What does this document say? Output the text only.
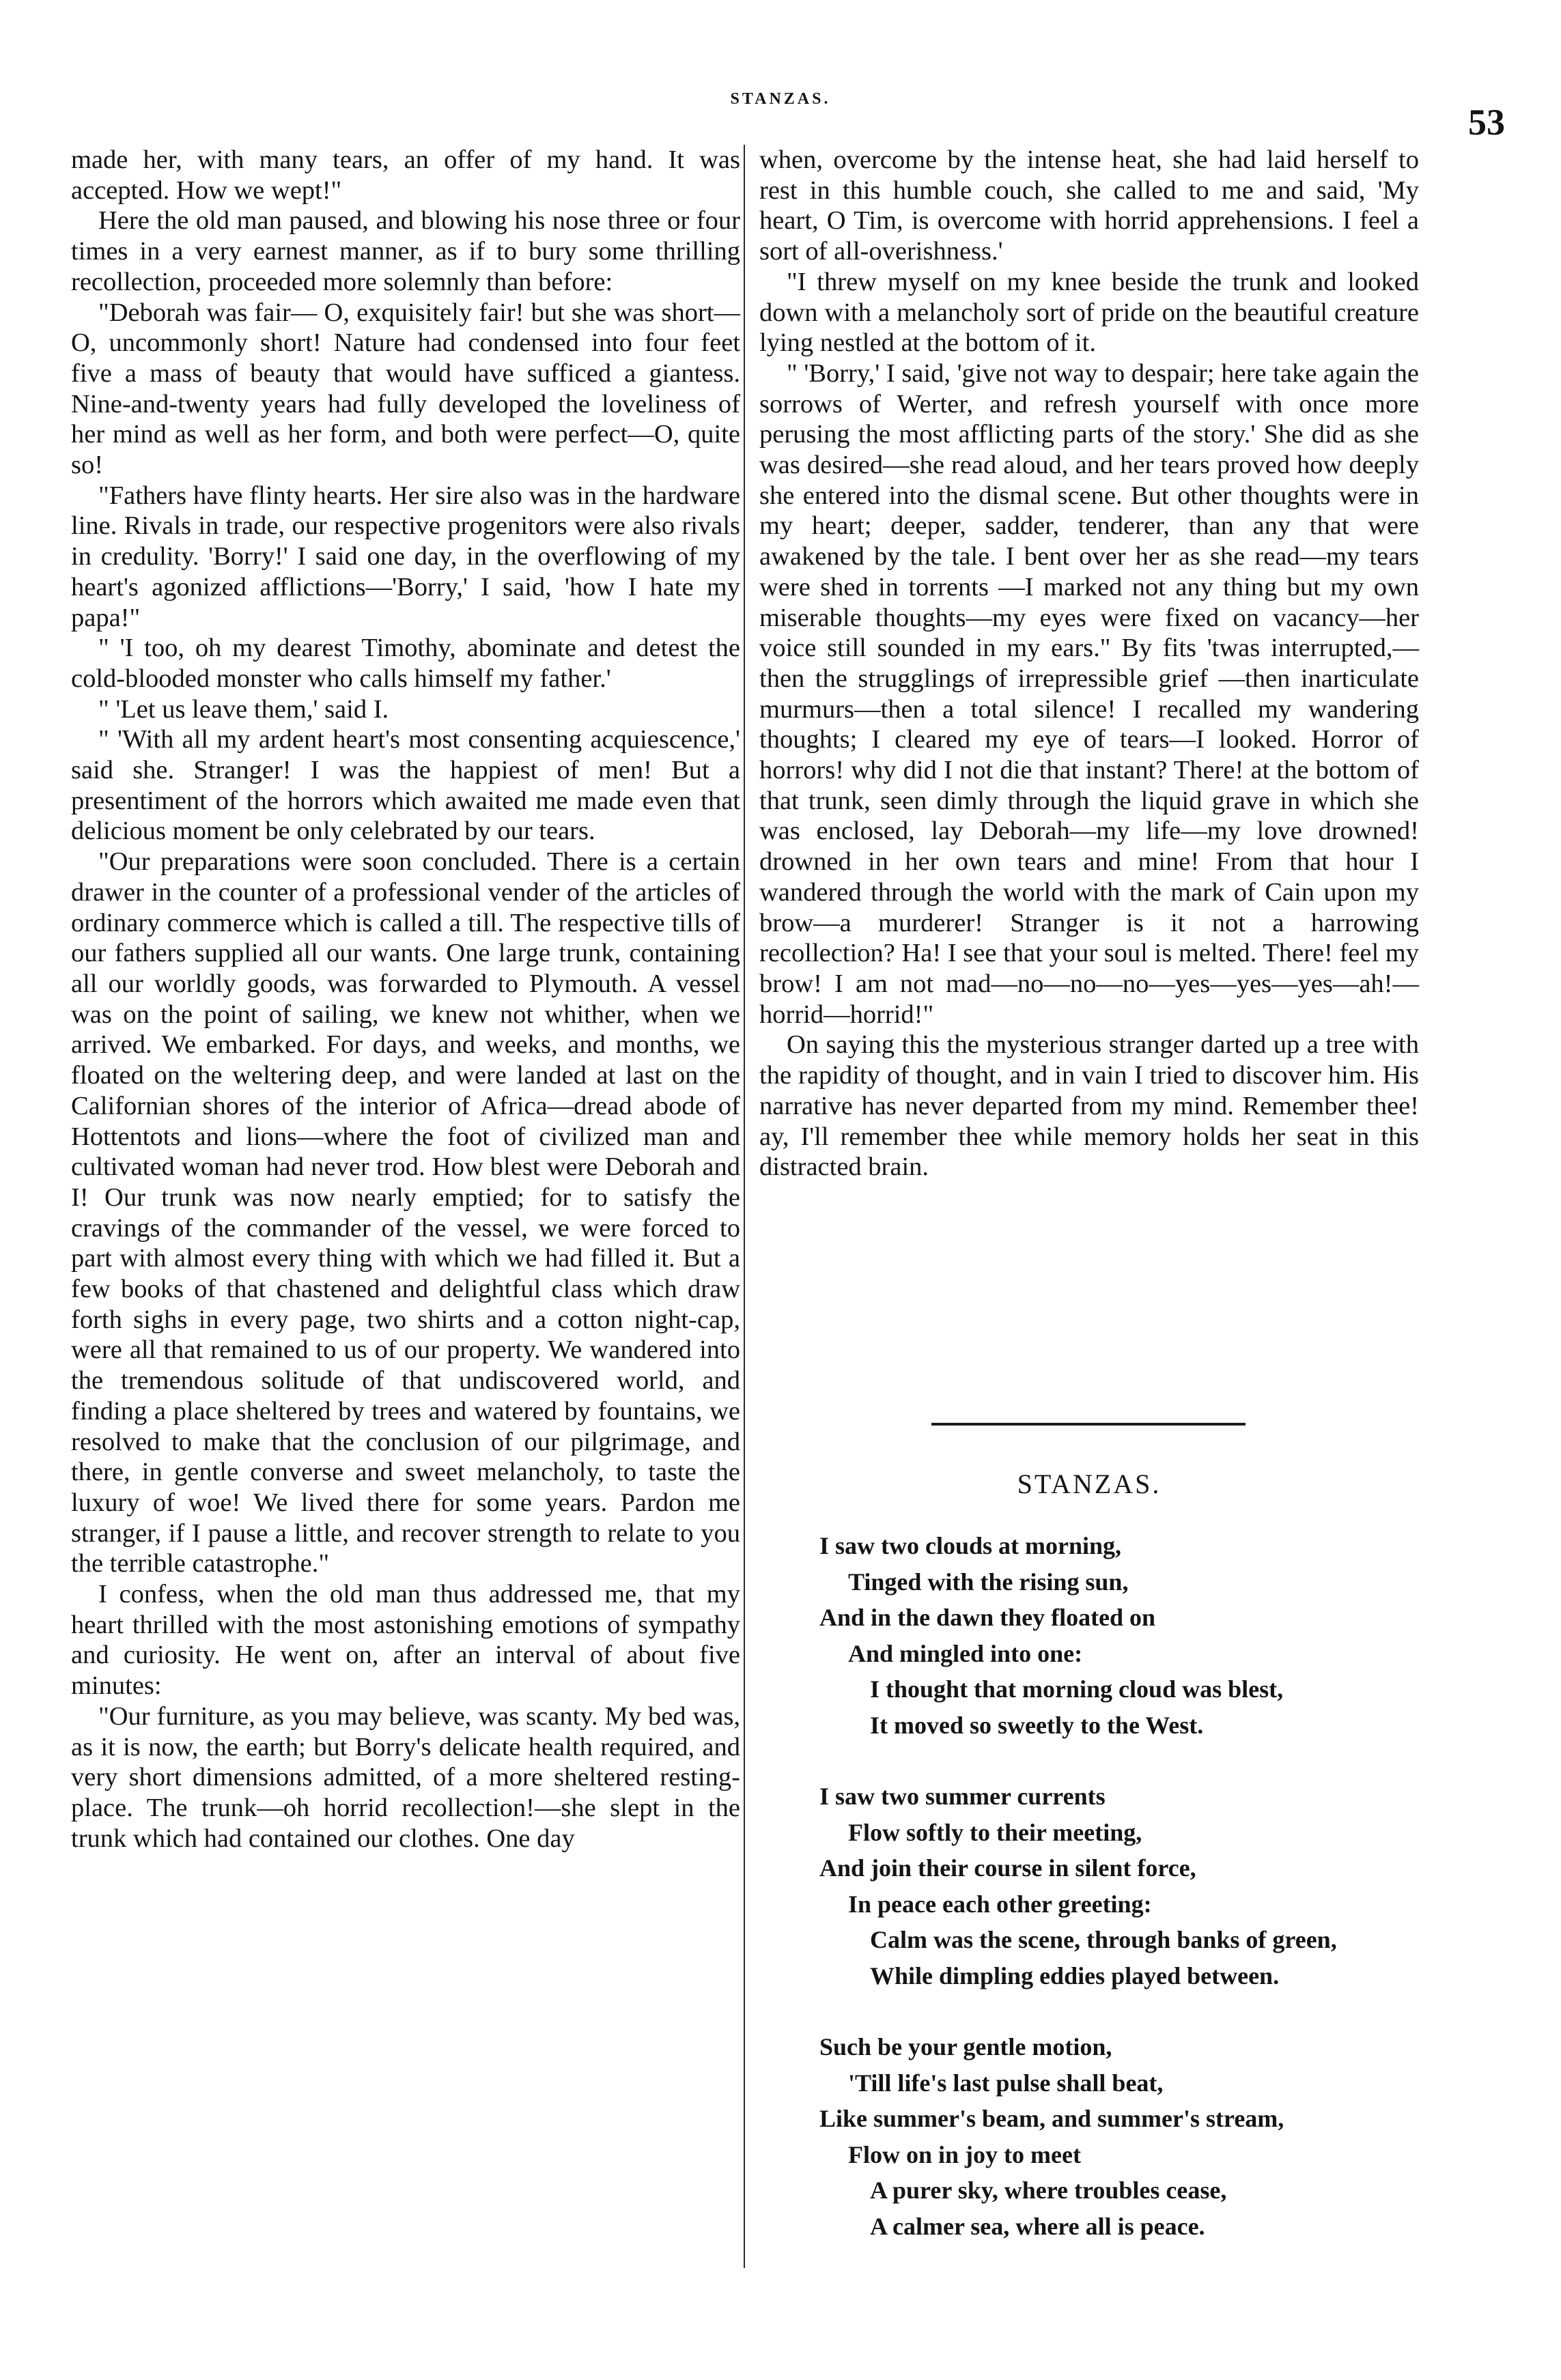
STANZAS.
53

made her, with many tears, an offer of my hand. It was accepted. How we wept!"

Here the old man paused, and blowing his nose three or four times in a very earnest manner, as if to bury some thrilling recollection, proceeded more solemnly than before:

"Deborah was fair— O, exquisitely fair! but she was short—O, uncommonly short! Nature had condensed into four feet five a mass of beauty that would have sufficed a giantess. Nine-and-twenty years had fully developed the loveliness of her mind as well as her form, and both were perfect—O, quite so!

"Fathers have flinty hearts. Her sire also was in the hardware line. Rivals in trade, our respective progenitors were also rivals in credulity. 'Borry!' I said one day, in the overflowing of my heart's agonized afflictions—'Borry,' I said, 'how I hate my papa!"

" 'I too, oh my dearest Timothy, abominate and detest the cold-blooded monster who calls himself my father.'

" 'Let us leave them,' said I.

" 'With all my ardent heart's most consenting acquiescence,' said she. Stranger! I was the happiest of men! But a presentiment of the horrors which awaited me made even that delicious moment be only celebrated by our tears.

"Our preparations were soon concluded. There is a certain drawer in the counter of a professional vender of the articles of ordinary commerce which is called a till. The respective tills of our fathers supplied all our wants. One large trunk, containing all our worldly goods, was forwarded to Plymouth. A vessel was on the point of sailing, we knew not whither, when we arrived. We embarked. For days, and weeks, and months, we floated on the weltering deep, and were landed at last on the Californian shores of the interior of Africa—dread abode of Hottentots and lions—where the foot of civilized man and cultivated woman had never trod. How blest were Deborah and I! Our trunk was now nearly emptied; for to satisfy the cravings of the commander of the vessel, we were forced to part with almost every thing with which we had filled it. But a few books of that chastened and delightful class which draw forth sighs in every page, two shirts and a cotton night-cap, were all that remained to us of our property. We wandered into the tremendous solitude of that undiscovered world, and finding a place sheltered by trees and watered by fountains, we resolved to make that the conclusion of our pilgrimage, and there, in gentle converse and sweet melancholy, to taste the luxury of woe! We lived there for some years. Pardon me stranger, if I pause a little, and recover strength to relate to you the terrible catastrophe."

I confess, when the old man thus addressed me, that my heart thrilled with the most astonishing emotions of sympathy and curiosity. He went on, after an interval of about five minutes:

"Our furniture, as you may believe, was scanty. My bed was, as it is now, the earth; but Borry's delicate health required, and very short dimensions admitted, of a more sheltered resting-place. The trunk—oh horrid recollection!—she slept in the trunk which had contained our clothes. One day

when, overcome by the intense heat, she had laid herself to rest in this humble couch, she called to me and said, 'My heart, O Tim, is overcome with horrid apprehensions. I feel a sort of all-overishness.'

"I threw myself on my knee beside the trunk and looked down with a melancholy sort of pride on the beautiful creature lying nestled at the bottom of it.

" 'Borry,' I said, 'give not way to despair; here take again the sorrows of Werter, and refresh yourself with once more perusing the most afflicting parts of the story.' She did as she was desired—she read aloud, and her tears proved how deeply she entered into the dismal scene. But other thoughts were in my heart; deeper, sadder, tenderer, than any that were awakened by the tale. I bent over her as she read—my tears were shed in torrents —I marked not any thing but my own miserable thoughts—my eyes were fixed on vacancy—her voice still sounded in my ears." By fits 'twas interrupted,—then the strugglings of irrepressible grief —then inarticulate murmurs—then a total silence! I recalled my wandering thoughts; I cleared my eye of tears—I looked. Horror of horrors! why did I not die that instant? There! at the bottom of that trunk, seen dimly through the liquid grave in which she was enclosed, lay Deborah—my life—my love drowned! drowned in her own tears and mine! From that hour I wandered through the world with the mark of Cain upon my brow—a murderer! Stranger is it not a harrowing recollection? Ha! I see that your soul is melted. There! feel my brow! I am not mad—no—no—no—yes—yes—yes—ah!—horrid—horrid!"

On saying this the mysterious stranger darted up a tree with the rapidity of thought, and in vain I tried to discover him. His narrative has never departed from my mind. Remember thee! ay, I'll remember thee while memory holds her seat in this distracted brain.

STANZAS.
I saw two clouds at morning,
Tinged with the rising sun,
And in the dawn they floated on
And mingled into one:
I thought that morning cloud was blest,
It moved so sweetly to the West.
I saw two summer currents
Flow softly to their meeting,
And join their course in silent force,
In peace each other greeting:
Calm was the scene, through banks of green,
While dimpling eddies played between.
Such be your gentle motion,
'Till life's last pulse shall beat,
Like summer's beam, and summer's stream,
Flow on in joy to meet
A purer sky, where troubles cease,
A calmer sea, where all is peace.
